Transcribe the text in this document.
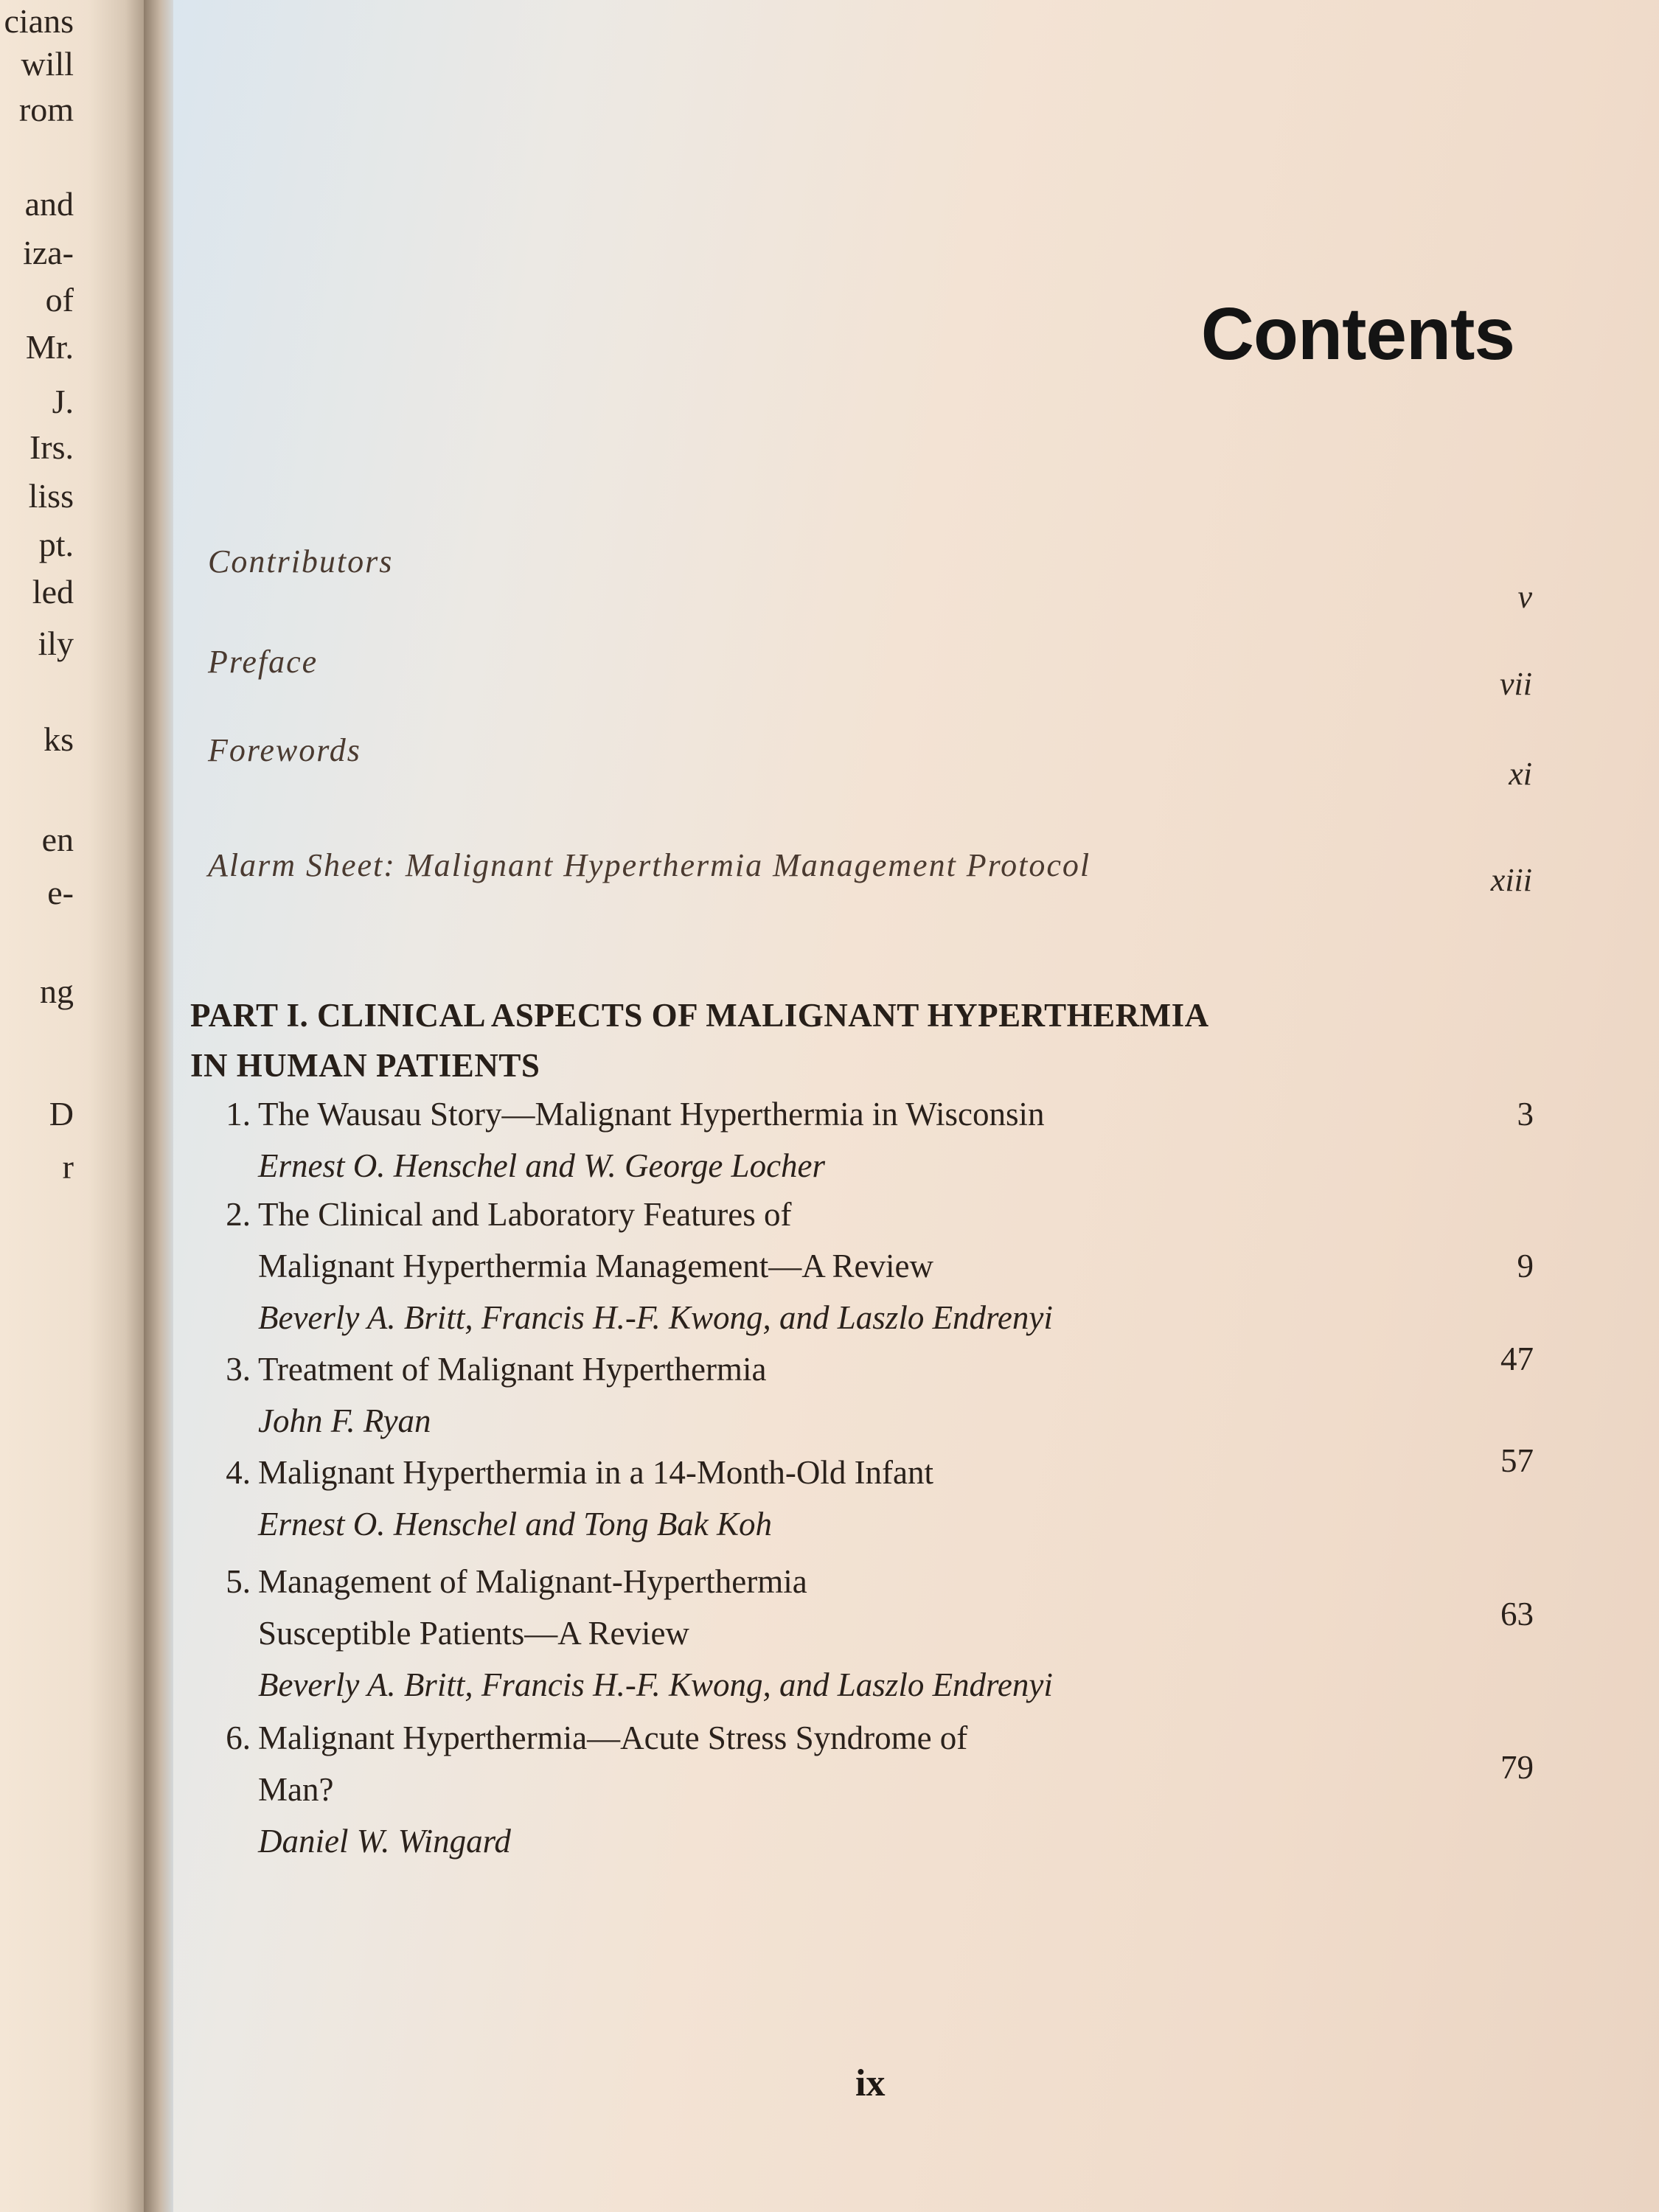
cians
will
rom
and
iza-
of
Mr.
J.
Irs.
liss
pt.
led
ily
ks
en
e-
ng
D
r
Contents
Contributors
v
Preface
vii
Forewords
xi
Alarm Sheet: Malignant Hyperthermia Management Protocol	xiii
PART I. CLINICAL ASPECTS OF MALIGNANT HYPERTHERMIA
IN HUMAN PATIENTS
1. The Wausau Story—Malignant Hyperthermia in Wisconsin
Ernest O. Henschel and W. George Locher
3
2. The Clinical and Laboratory Features of
Malignant Hyperthermia Management—A Review
Beverly A. Britt, Francis H.-F. Kwong, and Laszlo Endrenyi
9
3. Treatment of Malignant Hyperthermia
John F. Ryan
47
4. Malignant Hyperthermia in a 14-Month-Old Infant
Ernest O. Henschel and Tong Bak Koh
57
5. Management of Malignant-Hyperthermia
Susceptible Patients—A Review
Beverly A. Britt, Francis H.-F. Kwong, and Laszlo Endrenyi
63
6. Malignant Hyperthermia—Acute Stress Syndrome of
Man?
Daniel W. Wingard
79
ix
